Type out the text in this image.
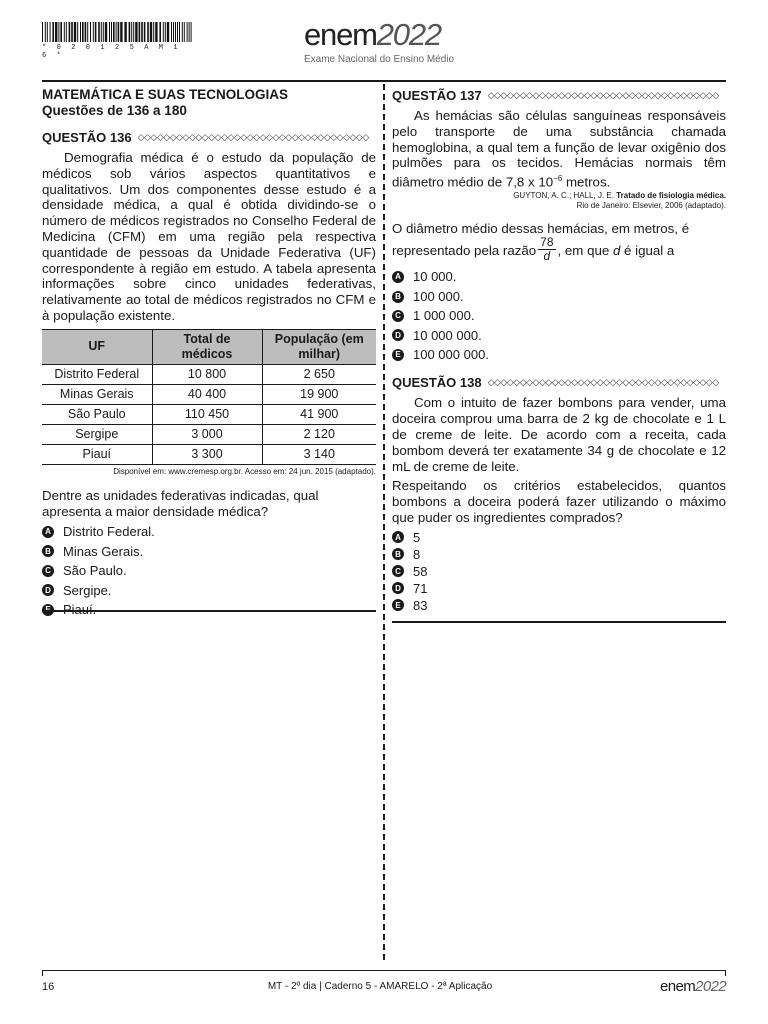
* 0 2 0 1 2 5 A M 1 6 *
enem2022
Exame Nacional do Ensino Médio
MATEMÁTICA E SUAS TECNOLOGIAS
Questões de 136 a 180
QUESTÃO 136 ◇◇◇◇◇◇◇◇◇◇◇◇◇◇◇◇◇◇◇◇◇◇◇◇◇◇◇◇◇◇◇◇◇◇◇◇
Demografia médica é o estudo da população de médicos sob vários aspectos quantitativos e qualitativos. Um dos componentes desse estudo é a densidade médica, a qual é obtida dividindo-se o número de médicos registrados no Conselho Federal de Medicina (CFM) em uma região pela respectiva quantidade de pessoas da Unidade Federativa (UF) correspondente à região em estudo. A tabela apresenta informações sobre cinco unidades federativas, relativamente ao total de médicos registrados no CFM e à população existente.
UF	Total de médicos	População (em milhar)
Distrito Federal	10 800	2 650
Minas Gerais	40 400	19 900
São Paulo	110 450	41 900
Sergipe	3 000	2 120
Piauí	3 300	3 140
Disponível em: www.cremesp.org.br. Acesso em: 24 jun. 2015 (adaptado).
Dentre as unidades federativas indicadas, qual apresenta a maior densidade médica?
A Distrito Federal.
B Minas Gerais.
C São Paulo.
D Sergipe.
QUESTÃO 137 ◇◇◇◇◇◇◇◇◇◇◇◇◇◇◇◇◇◇◇◇◇◇◇◇◇◇◇◇◇◇◇◇◇◇◇◇
As hemácias são células sanguíneas responsáveis pelo transporte de uma substância chamada hemoglobina, a qual tem a função de levar oxigênio dos pulmões para os tecidos. Hemácias normais têm diâmetro médio de 7,8 x $10^{-6}$ metros.
GUYTON, A. C.; HALL, J. E. Tratado de fisiologia médica.
Rio de Janeiro: Elsevier, 2006 (adaptado).
O diâmetro médio dessas hemácias, em metros, é
representado pela razão $\frac{78}{d}$ , em que d é igual a
A 10 000.
B 100 000.
C 1 000 000.
D 10 000 000.
E 100 000 000.
QUESTÃO 138 ◇◇◇◇◇◇◇◇◇◇◇◇◇◇◇◇◇◇◇◇◇◇◇◇◇◇◇◇◇◇◇◇◇◇◇◇
Com o intuito de fazer bombons para vender, uma doceira comprou uma barra de 2 kg de chocolate e 1 L de creme de leite. De acordo com a receita, cada bombom deverá ter exatamente 34 g de chocolate e 12 mL de creme de leite.
Respeitando os critérios estabelecidos, quantos bombons a doceira poderá fazer utilizando o máximo que puder os ingredientes comprados?
A 5
B 8
C 58
D 71
E 83
16	MT - 2º dia | Caderno 5 - AMARELO - 2ª Aplicação	enem2022
